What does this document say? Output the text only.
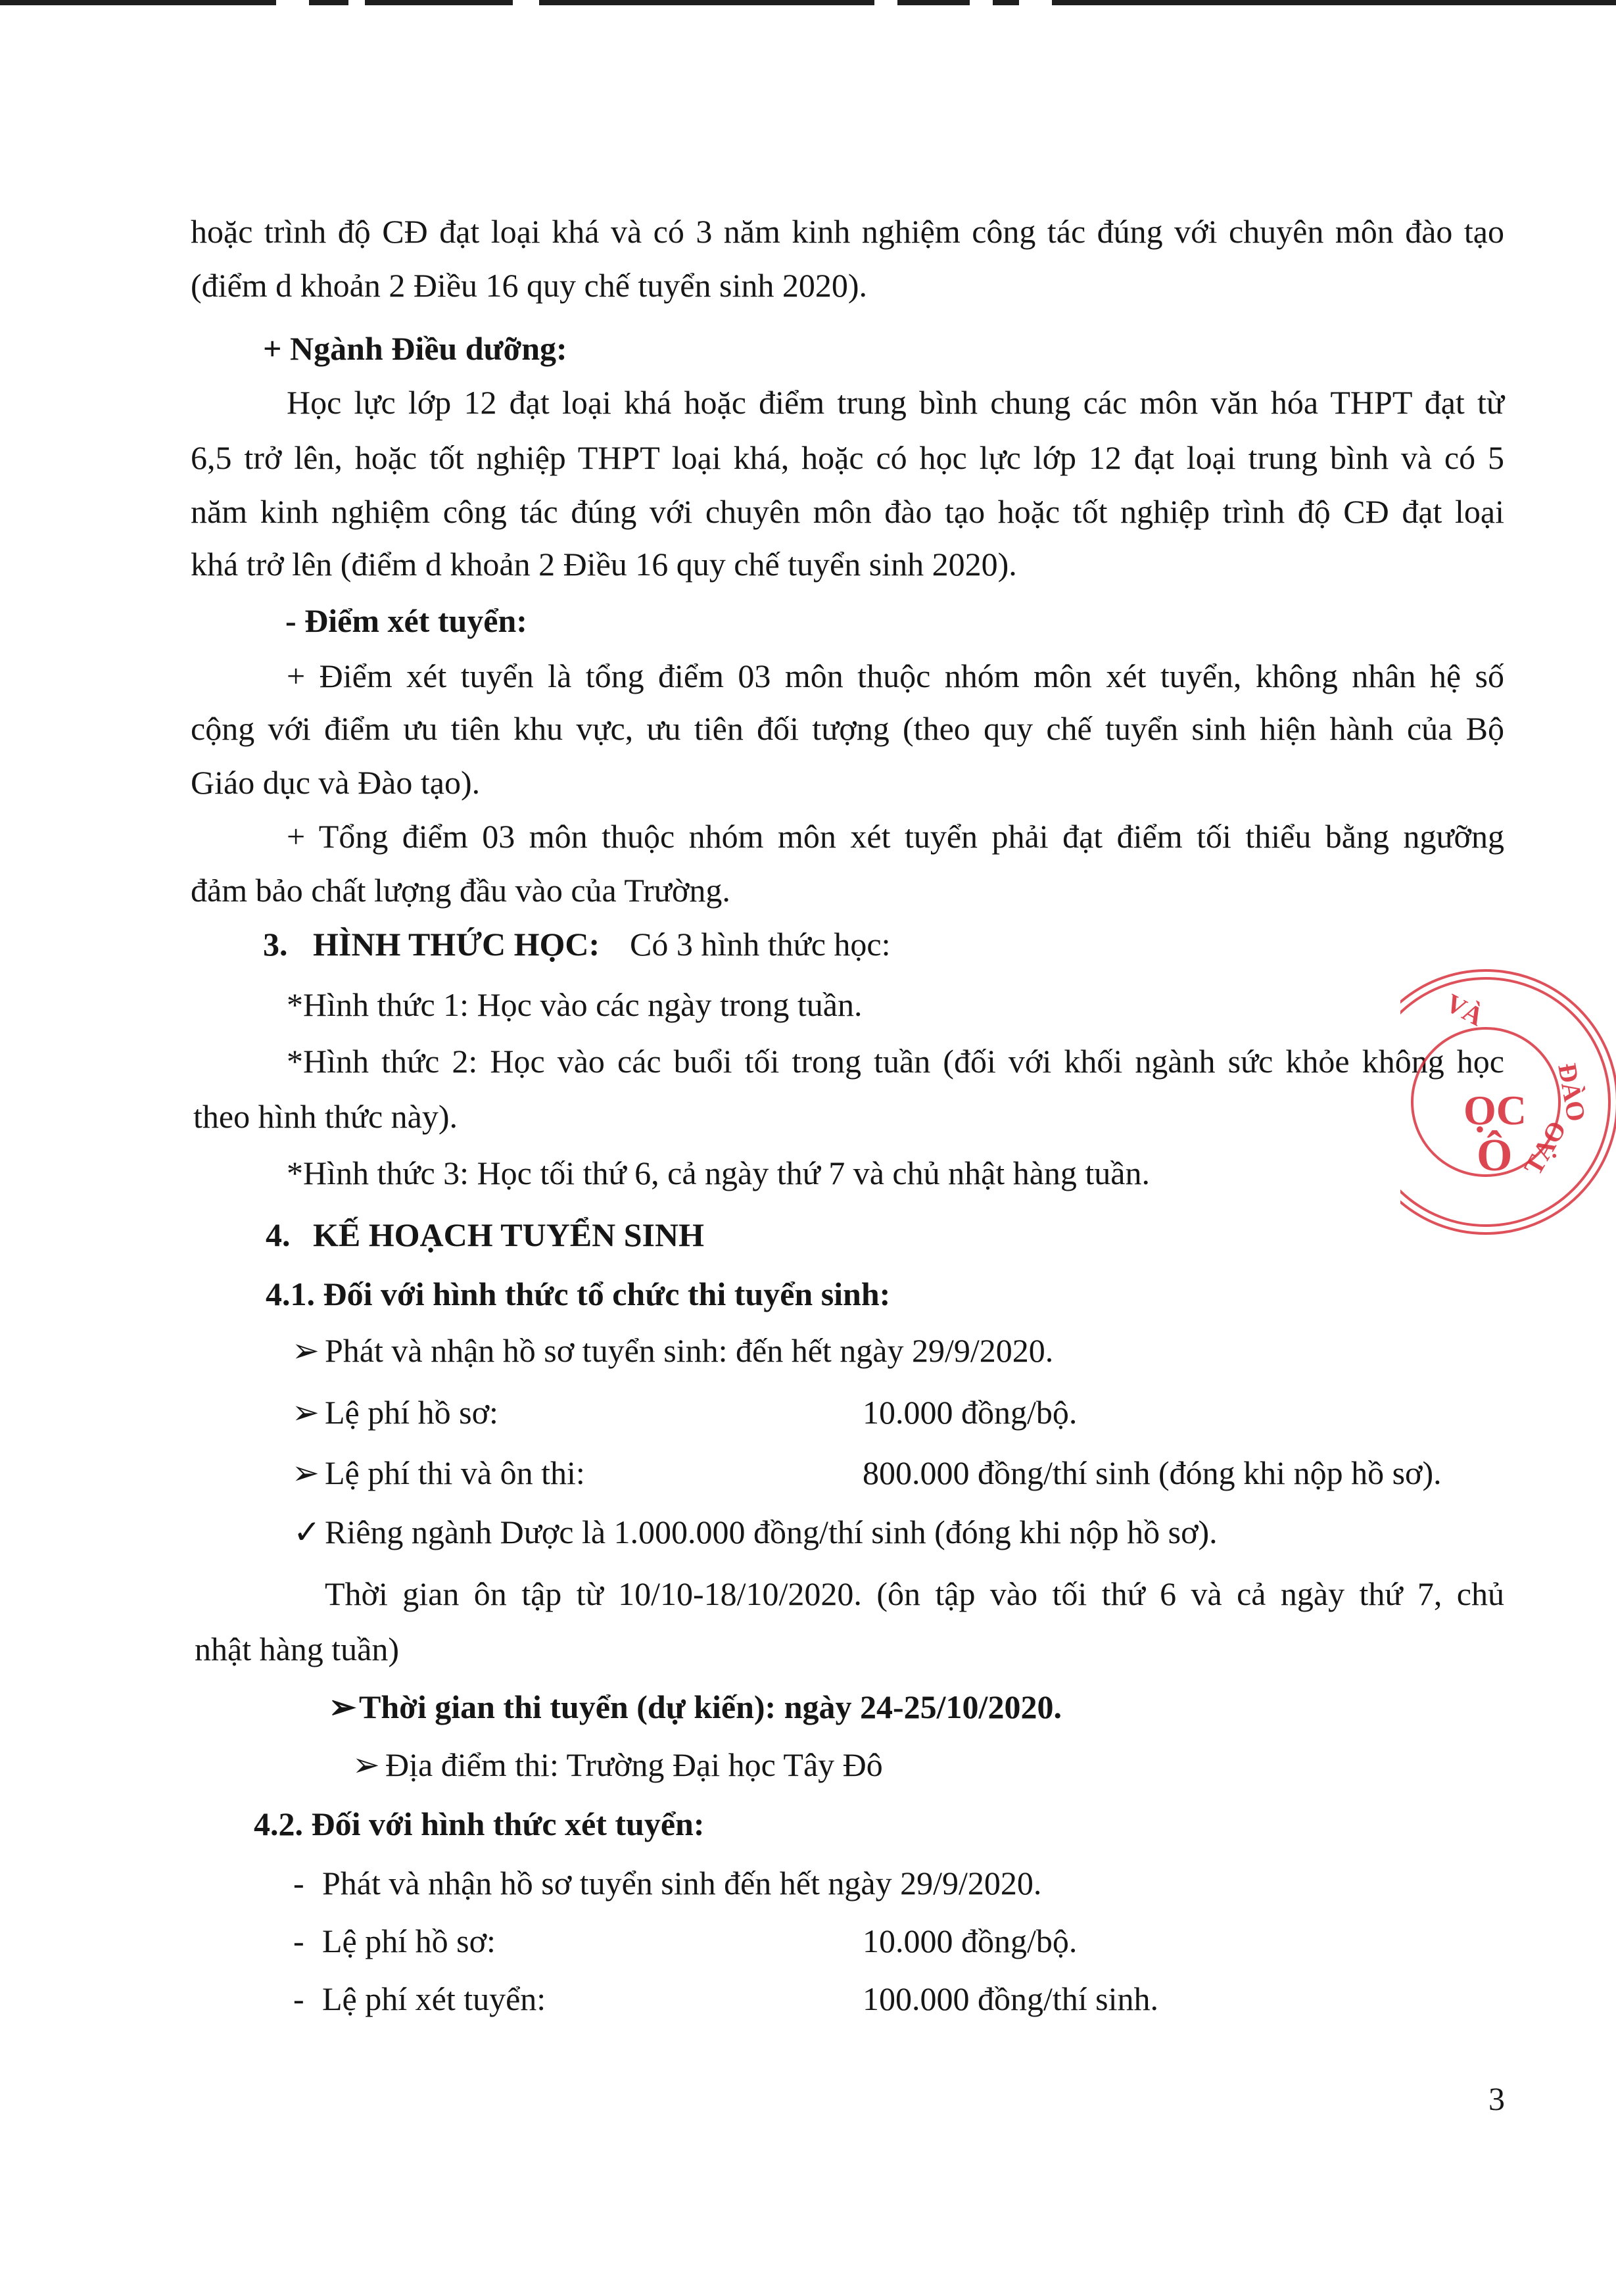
hoặc trình độ CĐ đạt loại khá và có 3 năm kinh nghiệm công tác đúng với chuyên môn đào tạo
(điểm d khoản 2 Điều 16 quy chế tuyển sinh 2020).
+ Ngành Điều dưỡng:
Học lực lớp 12 đạt loại khá hoặc điểm trung bình chung các môn văn hóa THPT đạt từ
6,5 trở lên, hoặc tốt nghiệp THPT loại khá, hoặc có học lực lớp 12 đạt loại trung bình và có 5
năm kinh nghiệm công tác đúng với chuyên môn đào tạo hoặc tốt nghiệp trình độ CĐ đạt loại
khá trở lên (điểm d khoản 2 Điều 16 quy chế tuyển sinh 2020).
- Điểm xét tuyển:
+ Điểm xét tuyển là tổng điểm 03 môn thuộc nhóm môn xét tuyển, không nhân hệ số
cộng với điểm ưu tiên khu vực, ưu tiên đối tượng (theo quy chế tuyển sinh hiện hành của Bộ
Giáo dục và Đào tạo).
+ Tổng điểm 03 môn thuộc nhóm môn xét tuyển phải đạt điểm tối thiểu bằng ngưỡng
đảm bảo chất lượng đầu vào của Trường.
3. HÌNH THỨC HỌC: Có 3 hình thức học:
*Hình thức 1: Học vào các ngày trong tuần.
*Hình thức 2: Học vào các buổi tối trong tuần (đối với khối ngành sức khỏe không học
theo hình thức này).
*Hình thức 3: Học tối thứ 6, cả ngày thứ 7 và chủ nhật hàng tuần.
4. KẾ HOẠCH TUYỂN SINH
4.1. Đối với hình thức tổ chức thi tuyển sinh:
➢ Phát và nhận hồ sơ tuyển sinh: đến hết ngày 29/9/2020.
➢ Lệ phí hồ sơ:	10.000 đồng/bộ.
➢ Lệ phí thi và ôn thi:	800.000 đồng/thí sinh (đóng khi nộp hồ sơ).
✓ Riêng ngành Dược là 1.000.000 đồng/thí sinh (đóng khi nộp hồ sơ).
Thời gian ôn tập từ 10/10-18/10/2020. (ôn tập vào tối thứ 6 và cả ngày thứ 7, chủ
nhật hàng tuần)
➢ Thời gian thi tuyển (dự kiến): ngày 24-25/10/2020.
➢ Địa điểm thi: Trường Đại học Tây Đô
4.2. Đối với hình thức xét tuyển:
- Phát và nhận hồ sơ tuyển sinh đến hết ngày 29/9/2020.
- Lệ phí hồ sơ:	10.000 đồng/bộ.
- Lệ phí xét tuyển:	100.000 đồng/thí sinh.
3
VÀ
ĐÀO
ỌC
Ô TẠO
